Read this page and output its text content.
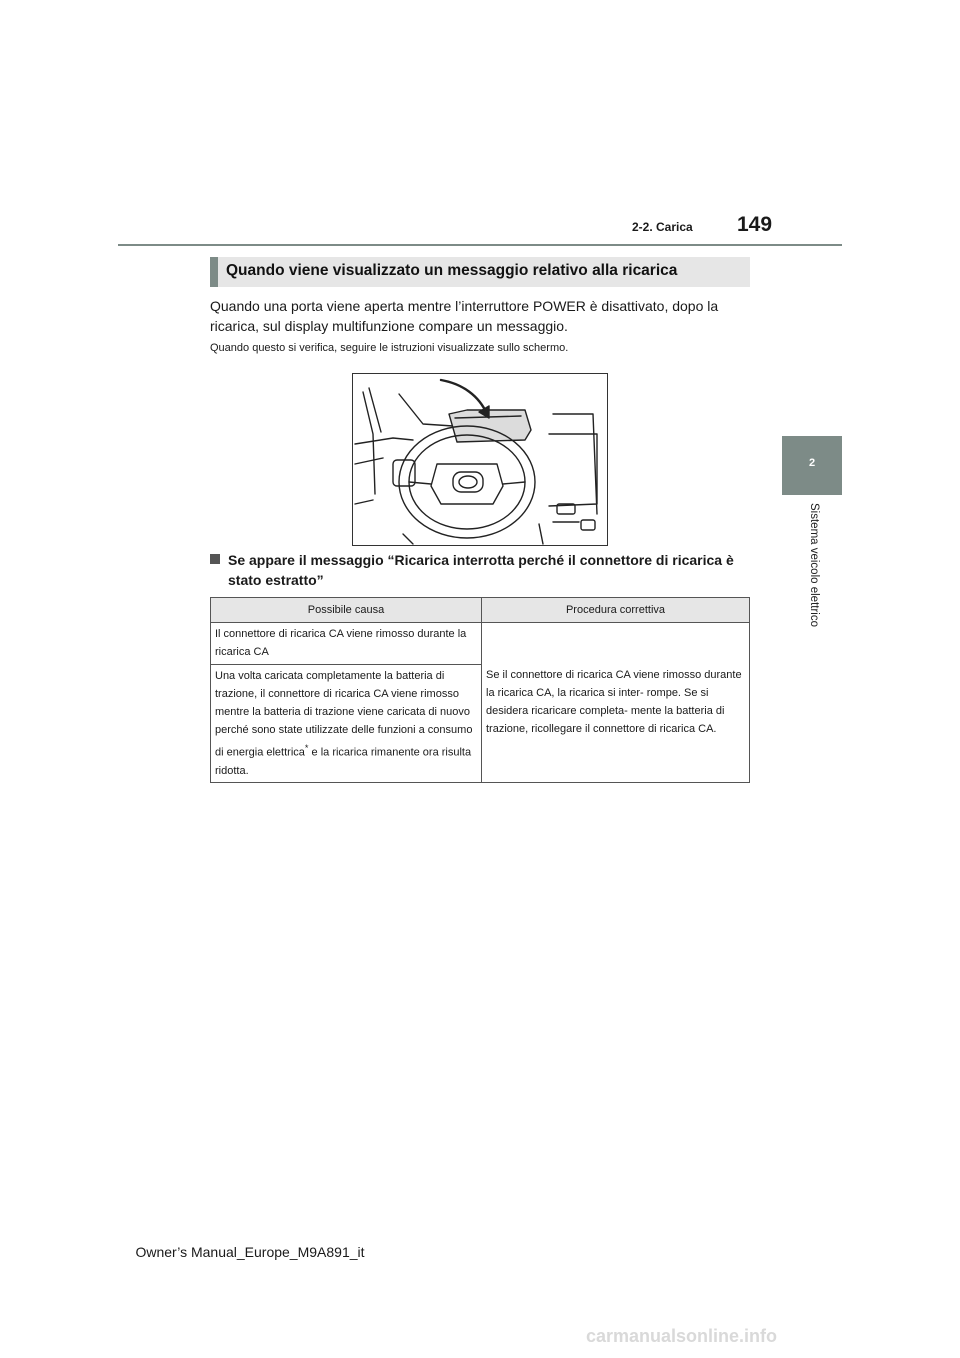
2-2. Carica 149
2
Sistema veicolo elettrico
Quando viene visualizzato un messaggio relativo alla ricarica
Quando una porta viene aperta mentre l’interruttore POWER è disattivato, dopo la ricarica, sul display multifunzione compare un messaggio.
Quando questo si verifica, seguire le istruzioni visualizzate sullo schermo.
Se appare il messaggio “Ricarica interrotta perché il connettore di ricarica è stato estratto”
Possibile causa	Procedura correttiva
Il connettore di ricarica CA viene rimosso durante la ricarica CA	Se il connettore di ricarica CA viene rimosso durante la ricarica CA, la ricarica si inter- rompe. Se si desidera ricaricare completa- mente la batteria di trazione, ricollegare il connettore di ricarica CA.
Una volta caricata completamente la batteria di trazione, il connettore di ricarica CA viene rimosso mentre la batteria di trazione viene caricata di nuovo perché sono state utilizzate delle funzioni a consumo di energia elettrica* e la ricarica rimanente ora risulta ridotta.	
Owner’s Manual_Europe_M9A891_it
carmanualsonline.info
